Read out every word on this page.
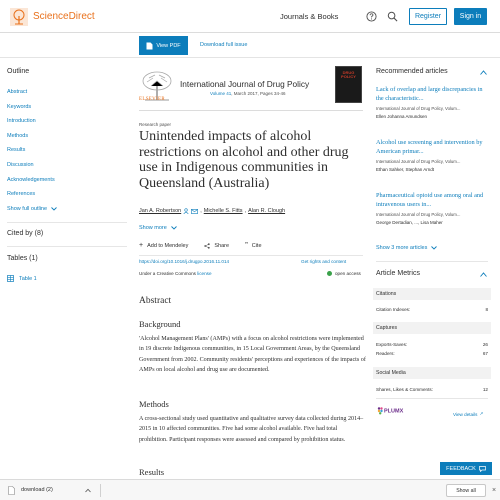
ScienceDirect	Journals & Books	Register	Sign in
View PDF	Download full issue
Outline
Abstract
Keywords
Introduction
Methods
Results
Discussion
Acknowledgements
References
Show full outline
Cited by (8)
Tables (1)
Table 1
ELSEVIER
International Journal of Drug Policy
Volume 41, March 2017, Pages 34-46
DRUG POLICY
Research paper
Unintended impacts of alcohol restrictions on alcohol and other drug use in Indigenous communities in Queensland (Australia)
Jan A. Robertson	, Michelle S. Fitts , Alan R. Clough
Show more
+ Add to Mendeley	Share ” Cite
https://doi.org/10.1016/j.drugpo.2016.11.014	Get rights and content
Under a Creative Commons license	open access
Abstract
Background

'Alcohol Management Plans' (AMPs) with a focus on alcohol restrictions were implemented in 19 discrete Indigenous communities, in 15 Local Government Areas, by the Queensland Government from 2002. Community residents' perceptions and experiences of the impacts of AMPs on local alcohol and drug use are documented.

Methods

A cross-sectional study used quantitative and qualitative survey data collected during 2014–2015 in 10 affected communities. Five had some alcohol available. Five had total prohibition. Participant responses were assessed and compared by prohibition status.

Results
Recommended articles
Lack of overlap and large discrepancies in the characteristic...
International Journal of Drug Policy, Volum...
Ellen Johanna Amundsen
Alcohol use screening and intervention by American primar...
International Journal of Drug Policy, Volum...
Ethan Sahker, Stephan Arndt
Pharmaceutical opioid use among oral and intravenous users in...
International Journal of Drug Policy, Volum...
George Dertadian, ..., Lisa Maher
Show 3 more articles
Article Metrics
Citations
Citation Indexes:	8
Captures
Exports-Saves:	26
Readers:	67
Social Media
Shares, Likes & Comments:	12
PLUMX	View details ↗
FEEDBACK
download (2)	Show all	×
